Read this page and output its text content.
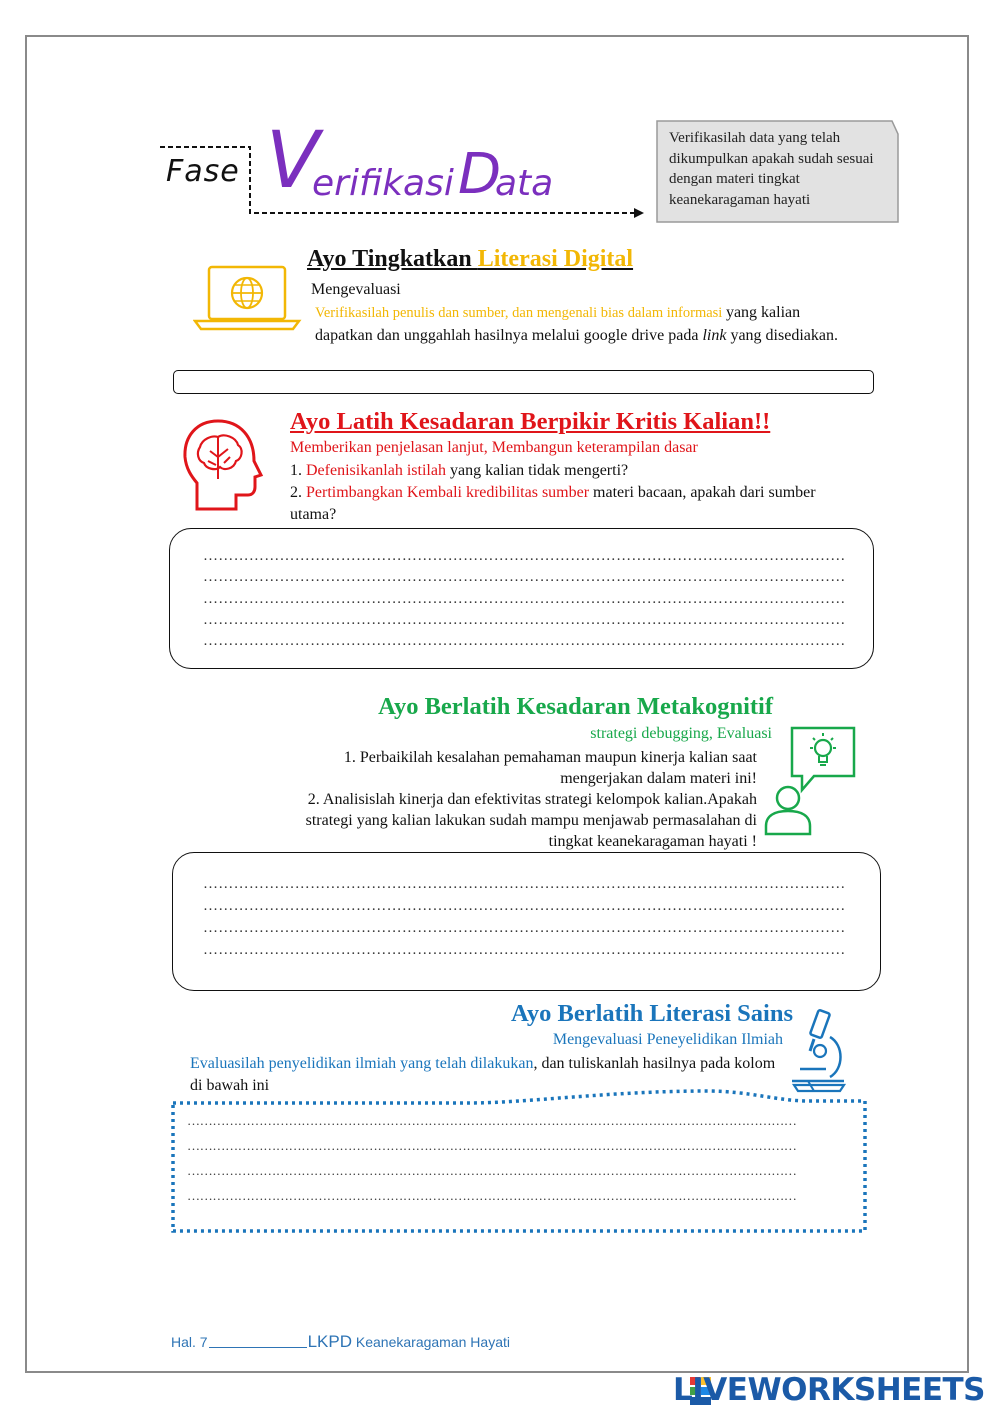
Fase V
erifikasi D
ata
Verifikasilah data yang telah dikumpulkan apakah sudah sesuai dengan materi tingkat keanekaragaman hayati
Ayo Tingkatkan Literasi Digital
Mengevaluasi
Verifikasilah penulis dan sumber, dan mengenali bias dalam informasi yang kalian dapatkan dan unggahlah hasilnya melalui google drive pada link yang disediakan.
Ayo Latih Kesadaran Berpikir Kritis Kalian!!
Memberikan penjelasan lanjut, Membangun keterampilan dasar
1. Defenisikanlah istilah yang kalian tidak mengerti?
2. Pertimbangkan Kembali kredibilitas sumber materi bacaan, apakah dari sumber utama?
………………………………………………………………………………………………………………
………………………………………………………………………………………………………………
………………………………………………………………………………………………………………
………………………………………………………………………………………………………………
………………………………………………………………………………………………………………
Ayo Berlatih Kesadaran Metakognitif
strategi debugging, Evaluasi
1. Perbaikilah kesalahan pemahaman maupun kinerja kalian saat
mengerjakan dalam materi ini!
2. Analisislah kinerja dan efektivitas strategi kelompok kalian.Apakah
strategi yang kalian lakukan sudah mampu menjawab permasalahan di
tingkat keanekaragaman hayati !
………………………………………………………………………………………………………………
………………………………………………………………………………………………………………
………………………………………………………………………………………………………………
………………………………………………………………………………………………………………
Ayo Berlatih Literasi Sains
Mengevaluasi Peneyelidikan Ilmiah
Evaluasilah penyelidikan ilmiah yang telah dilakukan, dan tuliskanlah hasilnya pada kolom di bawah ini
………………………………………………………………………………………………………………………………
………………………………………………………………………………………………………………………………
………………………………………………………………………………………………………………………………
………………………………………………………………………………………………………………………………
Hal. 7	LKPD Keanekaragaman Hayati
LIVEWORKSHEETS
